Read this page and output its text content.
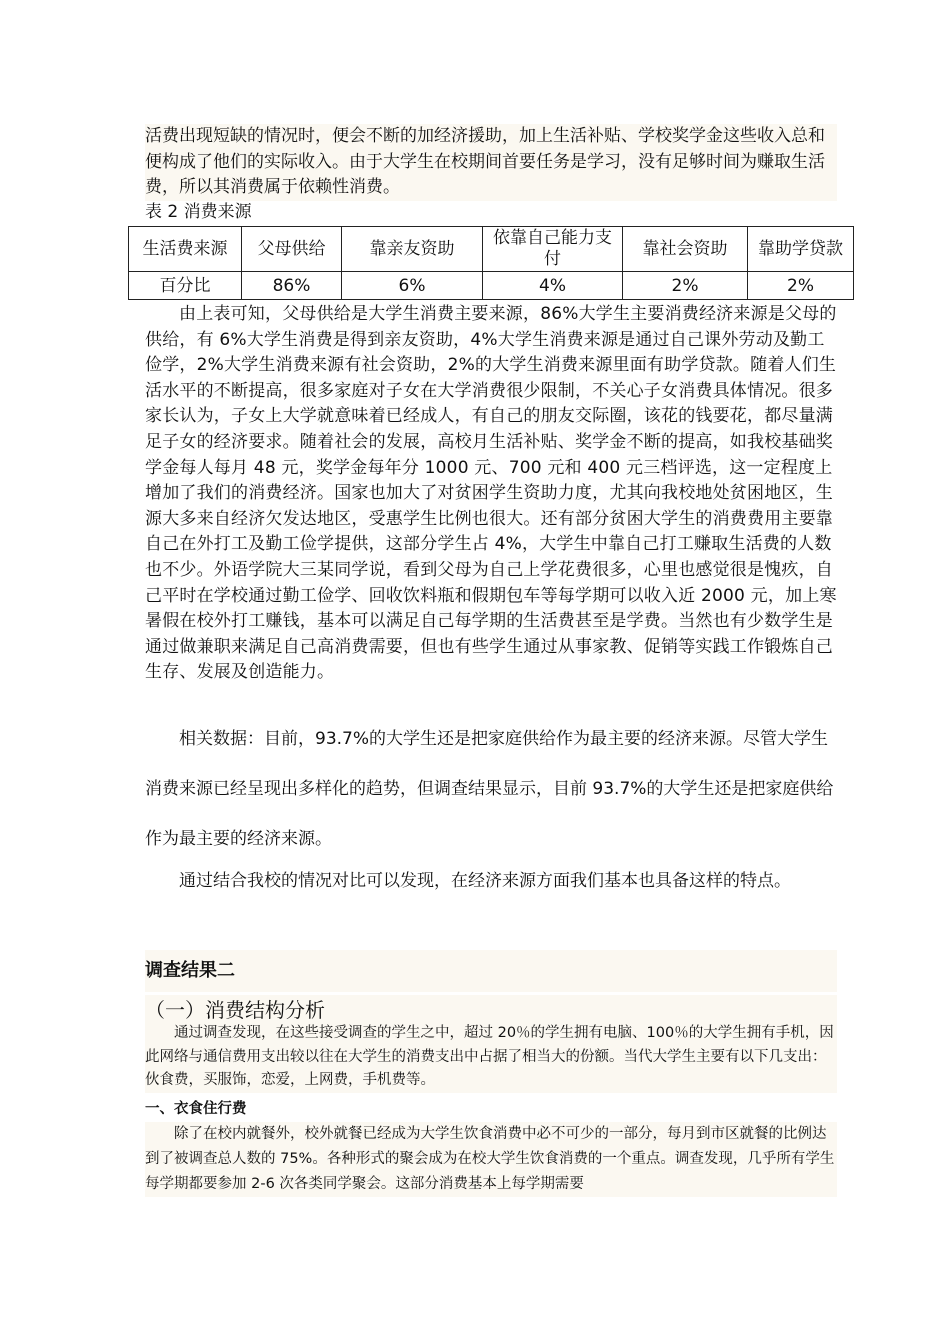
活费出现短缺的情况时，便会不断的加经济援助，加上生活补贴、学校奖学金这些收入总和便构成了他们的实际收入。由于大学生在校期间首要任务是学习，没有足够时间为赚取生活费，所以其消费属于依赖性消费。
表 2 消费来源
生活费来源	父母供给	靠亲友资助	依靠自己能力支付	靠社会资助	靠助学贷款
百分比	86%	6%	4%	2%	2%
由上表可知，父母供给是大学生消费主要来源，86%大学生主要消费经济来源是父母的供给，有 6%大学生消费是得到亲友资助，4%大学生消费来源是通过自己课外劳动及勤工俭学，2%大学生消费来源有社会资助，2%的大学生消费来源里面有助学贷款。随着人们生活水平的不断提高，很多家庭对子女在大学消费很少限制，不关心子女消费具体情况。很多家长认为，子女上大学就意味着已经成人，有自己的朋友交际圈，该花的钱要花，都尽量满足子女的经济要求。随着社会的发展，高校月生活补贴、奖学金不断的提高，如我校基础奖学金每人每月 48 元，奖学金每年分 1000 元、700 元和 400 元三档评选，这一定程度上增加了我们的消费经济。国家也加大了对贫困学生资助力度，尤其向我校地处贫困地区，生源大多来自经济欠发达地区，受惠学生比例也很大。还有部分贫困大学生的消费费用主要靠自己在外打工及勤工俭学提供，这部分学生占 4%，大学生中靠自己打工赚取生活费的人数也不少。外语学院大三某同学说，看到父母为自己上学花费很多，心里也感觉很是愧疚，自己平时在学校通过勤工俭学、回收饮料瓶和假期包车等每学期可以收入近 2000 元，加上寒暑假在校外打工赚钱，基本可以满足自己每学期的生活费甚至是学费。当然也有少数学生是通过做兼职来满足自己高消费需要，但也有些学生通过从事家教、促销等实践工作锻炼自己生存、发展及创造能力。
相关数据：目前，93.7%的大学生还是把家庭供给作为最主要的经济来源。尽管大学生消费来源已经呈现出多样化的趋势，但调查结果显示，目前 93.7%的大学生还是把家庭供给作为最主要的经济来源。
通过结合我校的情况对比可以发现，在经济来源方面我们基本也具备这样的特点。
调查结果二
（一）消费结构分析
通过调查发现，在这些接受调查的学生之中，超过 20％的学生拥有电脑、100％的大学生拥有手机，因此网络与通信费用支出较以往在大学生的消费支出中占据了相当大的份额。当代大学生主要有以下几支出：伙食费，买服饰，恋爱，上网费，手机费等。
一、衣食住行费
除了在校内就餐外，校外就餐已经成为大学生饮食消费中必不可少的一部分，每月到市区就餐的比例达到了被调查总人数的 75%。各种形式的聚会成为在校大学生饮食消费的一个重点。调查发现，几乎所有学生每学期都要参加 2-6 次各类同学聚会。这部分消费基本上每学期需要
